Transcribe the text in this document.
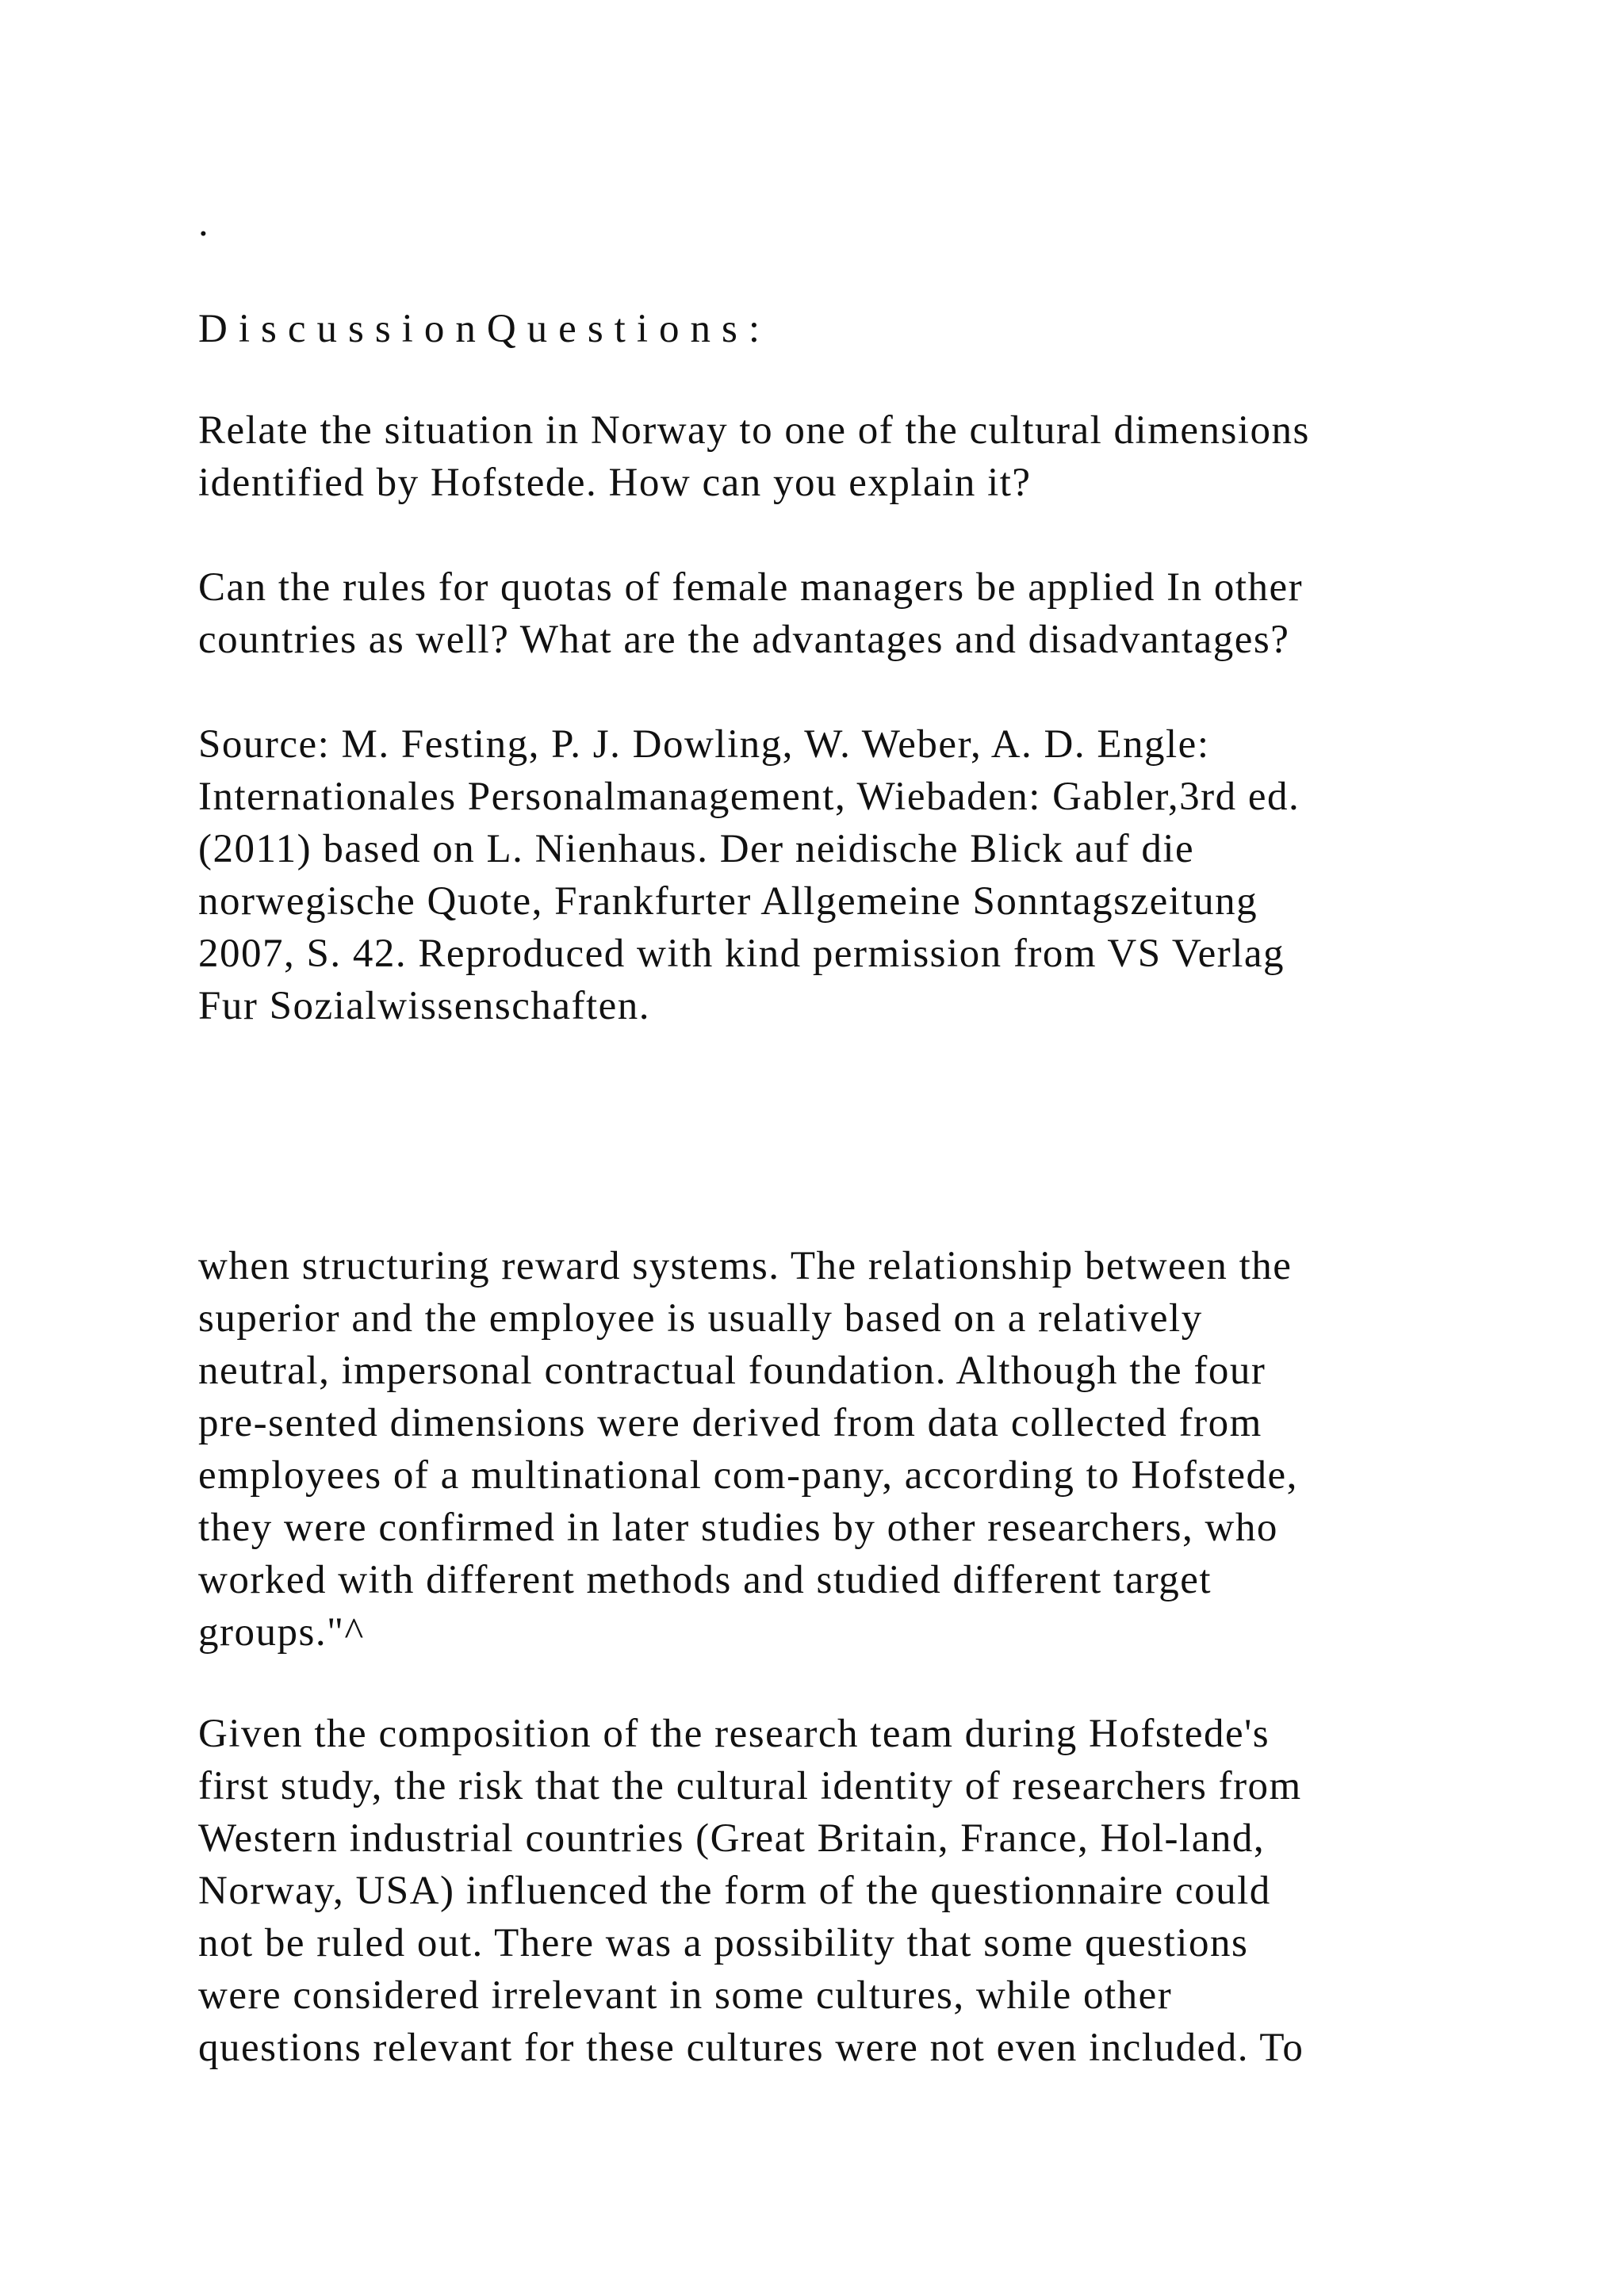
.
DiscussionQuestions:
Relate the situation in Norway to one of the cultural dimensions
identified by Hofstede. How can you explain it?
Can the rules for quotas of female managers be applied In other
countries as well? What are the advantages and disadvantages?
Source: M. Festing, P. J. Dowling, W. Weber, A. D. Engle:
Internationales Personalmanagement, Wiebaden: Gabler,3rd ed.
(2011) based on L. Nienhaus. Der neidische Blick auf die
norwegische Quote, Frankfurter Allgemeine Sonntagszeitung
2007, S. 42. Reproduced with kind permission from VS Verlag
Fur Sozialwissenschaften.
when structuring reward systems. The relationship between the
superior and the employee is usually based on a relatively
neutral, impersonal contractual foundation. Although the four
pre-sented dimensions were derived from data collected from
employees of a multinational com-pany, according to Hofstede,
they were confirmed in later studies by other researchers, who
worked with different methods and studied different target
groups."^
Given the composition of the research team during Hofstede's
first study, the risk that the cultural identity of researchers from
Western industrial countries (Great Britain, France, Hol-land,
Norway, USA) influenced the form of the questionnaire could
not be ruled out. There was a possibility that some questions
were considered irrelevant in some cultures, while other
questions relevant for these cultures were not even included. To
